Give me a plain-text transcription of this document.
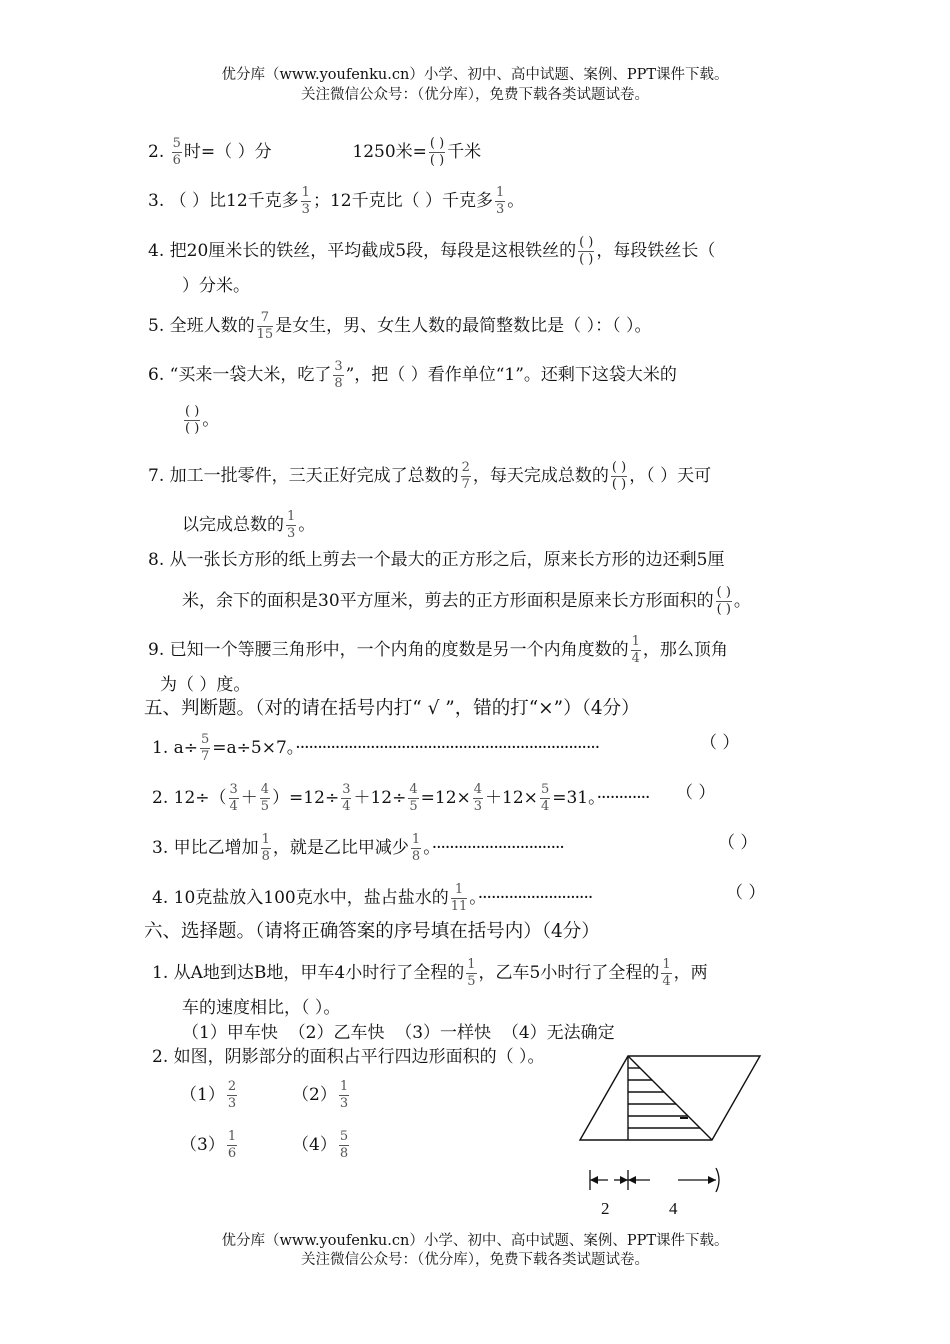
优分库（www.youfenku.cn）小学、初中、高中试题、案例、PPT课件下载。
关注微信公众号：（优分库），免费下载各类试题试卷。
2. $\frac{5}{6}$ 时=（ ）分	1250米= $\frac{( )}{( )}$ 千米
3. （ ）比12千克多 $\frac{1}{3}$ ；12千克比（ ）千克多 $\frac{1}{3}$ 。
4. 把20厘米长的铁丝，平均截成5段，每段是这根铁丝的 $\frac{( )}{( )}$ ，每段铁丝长（
）分米。
5. 全班人数的 $\frac{7}{15}$ 是女生，男、女生人数的最简整数比是（ ）：（ ）。
6. “买来一袋大米，吃了 $\frac{3}{8}$ ”，把（ ）看作单位“1”。还剩下这袋大米的
$\frac{( )}{( )}$ 。
7. 加工一批零件，三天正好完成了总数的 $\frac{2}{7}$ ，每天完成总数的 $\frac{( )}{( )}$ ，（ ）天可
以完成总数的 $\frac{1}{3}$ 。
8. 从一张长方形的纸上剪去一个最大的正方形之后，原来长方形的边还剩5厘
米，余下的面积是30平方厘米，剪去的正方形面积是原来长方形面积的 $\frac{( )}{( )}$ 。
9. 已知一个等腰三角形中，一个内角的度数是另一个内角度数的 $\frac{1}{4}$ ，那么顶角
为（ ）度。
五、判断题。（对的请在括号内打“ √ ”，错的打“×”）（4分）
1. $a\div \frac{5}{7} =a\div 5\times 7$。·····································································	（ ）
2. $12\div( \frac{3}{4} + \frac{4}{5} )=12\div \frac{3}{4} +12\div \frac{4}{5} =12\times \frac{4}{3} +12\times \frac{5}{4} =31$。············ （ ）
3. 甲比乙增加 $\frac{1}{8}$ ，就是乙比甲减少 $\frac{1}{8}$ 。······························	（ ）
4. 10克盐放入100克水中，盐占盐水的 $\frac{1}{11}$ 。··························	（ ）
六、选择题。（请将正确答案的序号填在括号内）（4分）
1. 从A地到达B地，甲车4小时行了全程的 $\frac{1}{5}$ ，乙车5小时行了全程的 $\frac{1}{4}$ ，两
车的速度相比，（ ）。
（1）甲车快  （2）乙车快  （3）一样快  （4）无法确定
2. 如图，阴影部分的面积占平行四边形面积的（ ）。
$(1) \frac{2}{3}$	$(2) \frac{1}{3}$
$(3) \frac{1}{6}$	$(4) \frac{5}{8}$
2	4
优分库（www.youfenku.cn）小学、初中、高中试题、案例、PPT课件下载。
关注微信公众号：（优分库），免费下载各类试题试卷。
